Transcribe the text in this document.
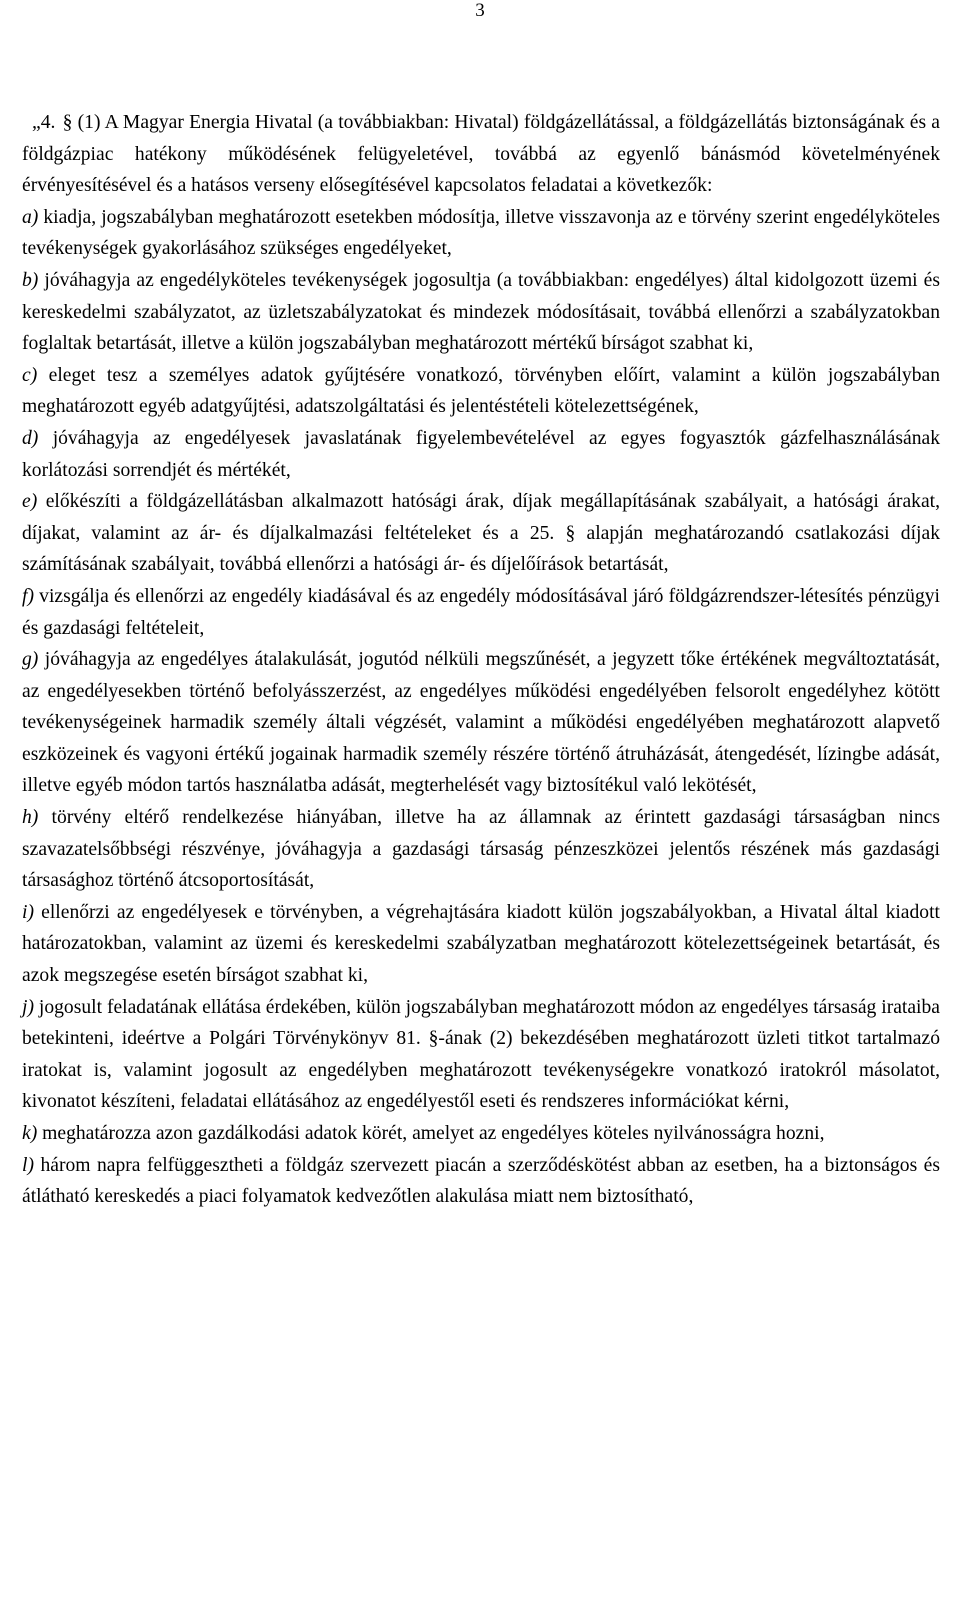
3

„4. § (1) A Magyar Energia Hivatal (a továbbiakban: Hivatal) földgázellátással, a földgázellátás biztonságának és a földgázpiac hatékony működésének felügyeletével, továbbá az egyenlő bánásmód követelményének érvényesítésével és a hatásos verseny elősegítésével kapcsolatos feladatai a következők:

a) kiadja, jogszabályban meghatározott esetekben módosítja, illetve visszavonja az e törvény szerint engedélyköteles tevékenységek gyakorlásához szükséges engedélyeket,

b) jóváhagyja az engedélyköteles tevékenységek jogosultja (a továbbiakban: engedélyes) által kidolgozott üzemi és kereskedelmi szabályzatot, az üzletszabályzatokat és mindezek módosításait, továbbá ellenőrzi a szabályzatokban foglaltak betartását, illetve a külön jogszabályban meghatározott mértékű bírságot szabhat ki,

c) eleget tesz a személyes adatok gyűjtésére vonatkozó, törvényben előírt, valamint a külön jogszabályban meghatározott egyéb adatgyűjtési, adatszolgáltatási és jelentéstételi kötelezettségének,

d) jóváhagyja az engedélyesek javaslatának figyelembevételével az egyes fogyasztók gázfelhasználásának korlátozási sorrendjét és mértékét,

e) előkészíti a földgázellátásban alkalmazott hatósági árak, díjak megállapításának szabályait, a hatósági árakat, díjakat, valamint az ár- és díjalkalmazási feltételeket és a 25. § alapján meghatározandó csatlakozási díjak számításának szabályait, továbbá ellenőrzi a hatósági ár- és díjelőírások betartását,

f) vizsgálja és ellenőrzi az engedély kiadásával és az engedély módosításával járó földgázrendszer-létesítés pénzügyi és gazdasági feltételeit,

g) jóváhagyja az engedélyes átalakulását, jogutód nélküli megszűnését, a jegyzett tőke értékének megváltoztatását, az engedélyesekben történő befolyásszerzést, az engedélyes működési engedélyében felsorolt engedélyhez kötött tevékenységeinek harmadik személy általi végzését, valamint a működési engedélyében meghatározott alapvető eszközeinek és vagyoni értékű jogainak harmadik személy részére történő átruházását, átengedését, lízingbe adását, illetve egyéb módon tartós használatba adását, megterhelését vagy biztosítékul való lekötését,

h) törvény eltérő rendelkezése hiányában, illetve ha az államnak az érintett gazdasági társaságban nincs szavazatelsőbbségi részvénye, jóváhagyja a gazdasági társaság pénzeszközei jelentős részének más gazdasági társasághoz történő átcsoportosítását,

i) ellenőrzi az engedélyesek e törvényben, a végrehajtására kiadott külön jogszabályokban, a Hivatal által kiadott határozatokban, valamint az üzemi és kereskedelmi szabályzatban meghatározott kötelezettségeinek betartását, és azok megszegése esetén bírságot szabhat ki,

j) jogosult feladatának ellátása érdekében, külön jogszabályban meghatározott módon az engedélyes társaság irataiba betekinteni, ideértve a Polgári Törvénykönyv 81. §-ának (2) bekezdésében meghatározott üzleti titkot tartalmazó iratokat is, valamint jogosult az engedélyben meghatározott tevékenységekre vonatkozó iratokról másolatot, kivonatot készíteni, feladatai ellátásához az engedélyestől eseti és rendszeres információkat kérni,

k) meghatározza azon gazdálkodási adatok körét, amelyet az engedélyes köteles nyilvánosságra hozni,

l) három napra felfüggesztheti a földgáz szervezett piacán a szerződéskötést abban az esetben, ha a biztonságos és átlátható kereskedés a piaci folyamatok kedvezőtlen alakulása miatt nem biztosítható,
